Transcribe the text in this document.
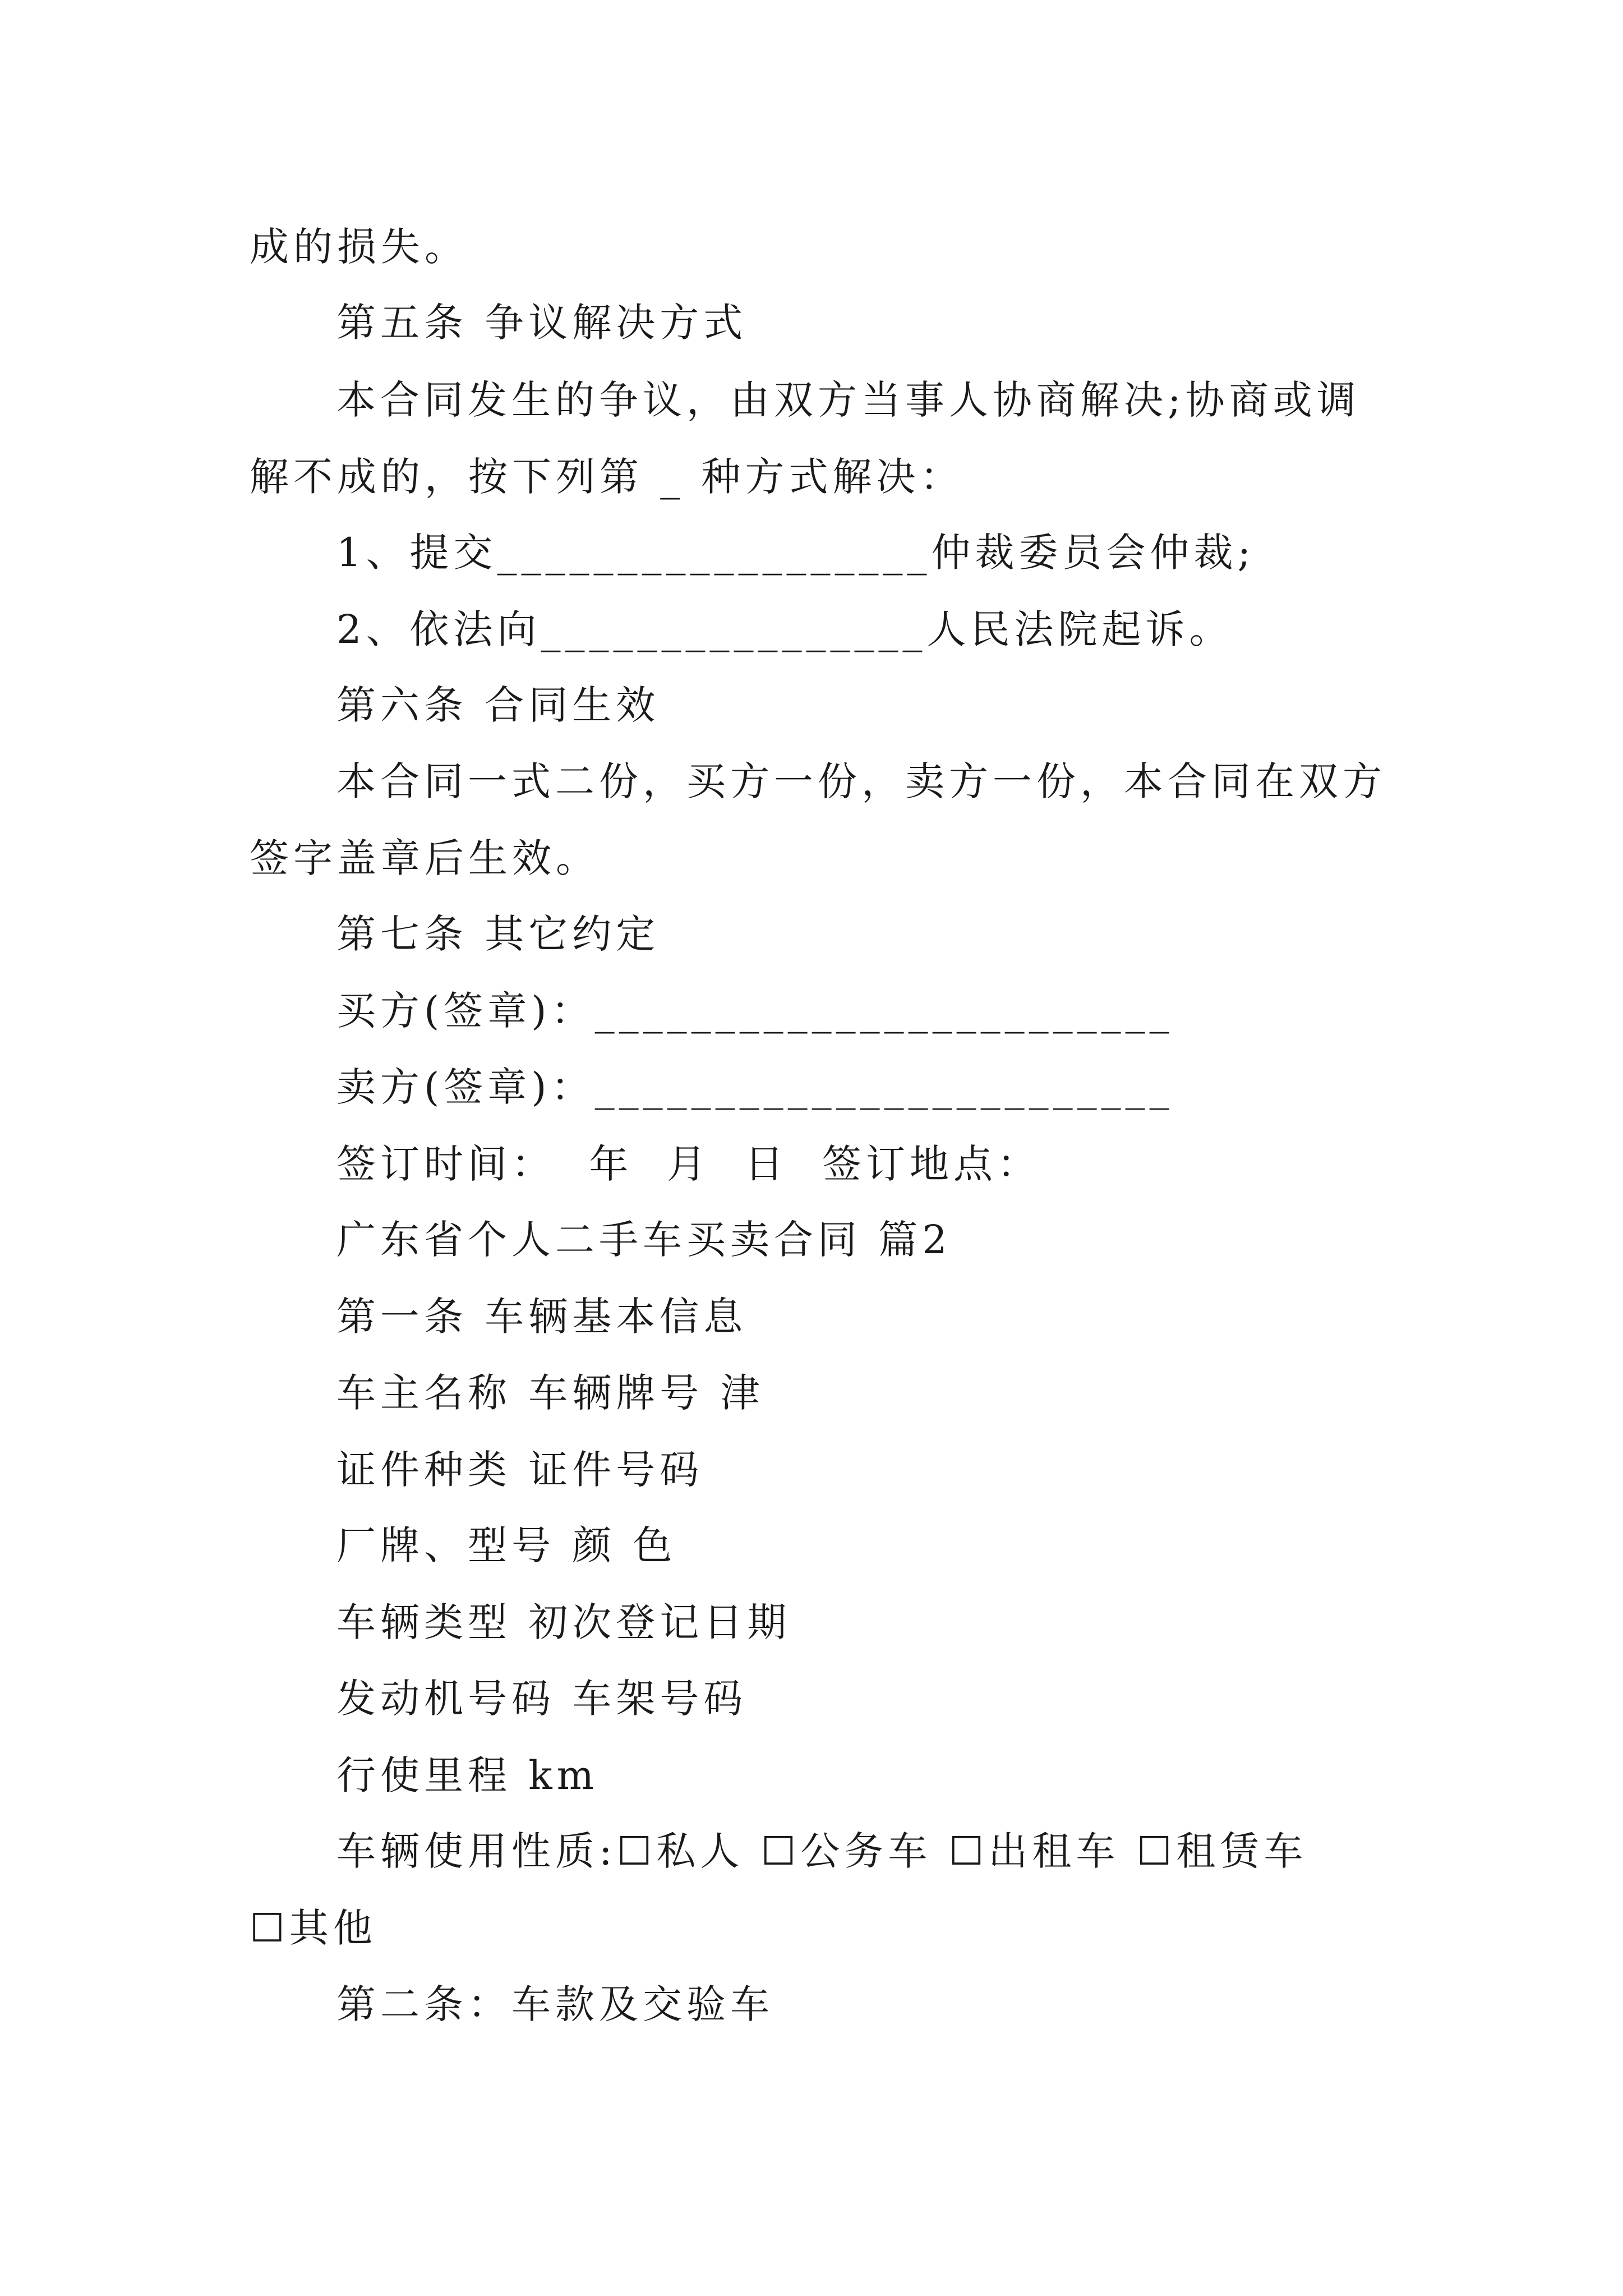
成的损失。
第五条 争议解决方式
本合同发生的争议，由双方当事人协商解决;协商或调
解不成的，按下列第 _ 种方式解决：
1、提交__________________仲裁委员会仲裁;
2、依法向________________人民法院起诉。
第六条 合同生效
本合同一式二份，买方一份，卖方一份，本合同在双方
签字盖章后生效。
第七条 其它约定
买方(签章)：________________________
卖方(签章)：________________________
签订时间：  年  月  日  签订地点：
广东省个人二手车买卖合同 篇2
第一条 车辆基本信息
车主名称 车辆牌号 津
证件种类 证件号码
厂牌、型号 颜 色
车辆类型 初次登记日期
发动机号码 车架号码
行使里程 km
车辆使用性质:☐私人 ☐公务车 ☐出租车 ☐租赁车
☐其他
第二条：车款及交验车
